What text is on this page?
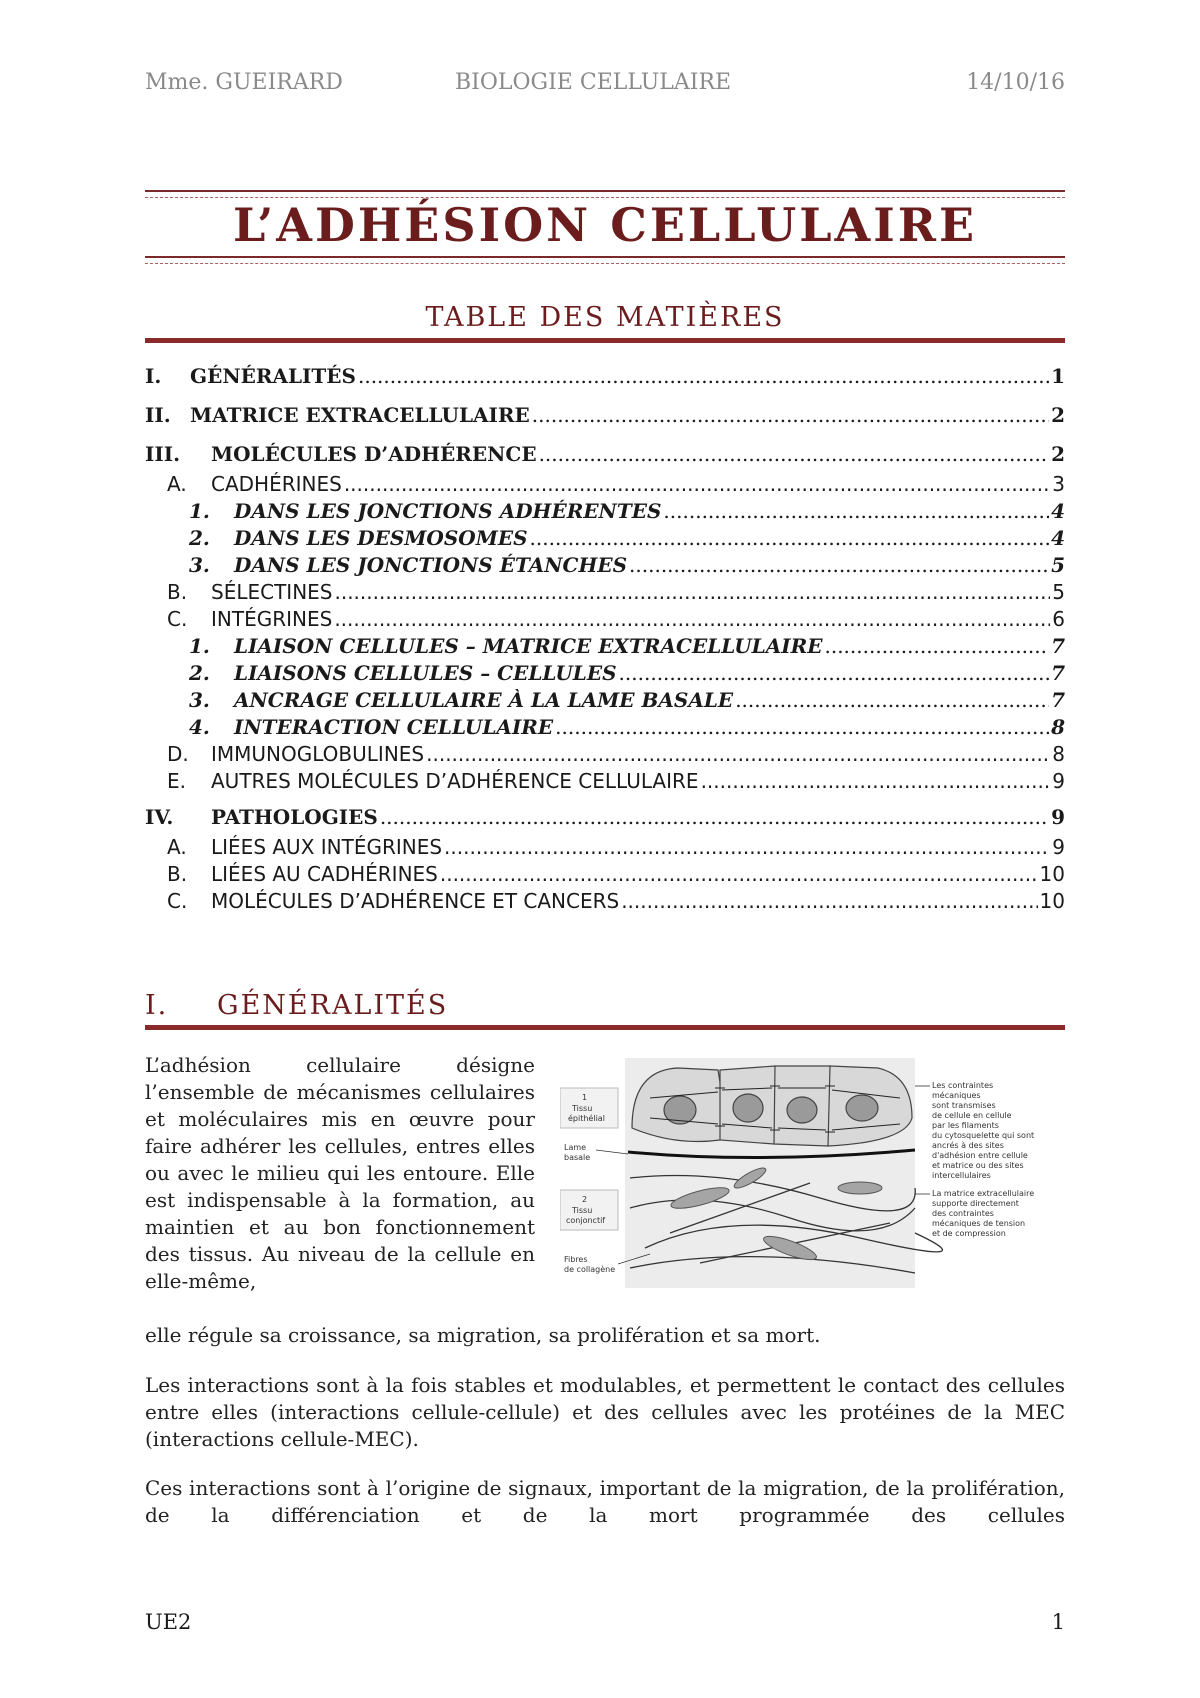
Mme. GUEIRARD	BIOLOGIE CELLULAIRE	14/10/16
L’ADHÉSION CELLULAIRE
TABLE DES MATIÈRES
I.	GÉNÉRALITÉS .....	1
II. MATRICE EXTRACELLULAIRE .....	2
III.	MOLÉCULES D’ADHÉRENCE .....	2
A.	CADHÉRINES .....	3
1.	DANS LES JONCTIONS ADHÉRENTES .....	4
2.	DANS LES DESMOSOMES .....	4
3.	DANS LES JONCTIONS ÉTANCHES .....	5
B.	SÉLECTINES .....	5
C.	INTÉGRINES .....	6
1.	LIAISON CELLULES – MATRICE EXTRACELLULAIRE .....	7
2.	LIAISONS CELLULES – CELLULES .....	7
3.	ANCRAGE CELLULAIRE À LA LAME BASALE .....	7
4.	INTERACTION CELLULAIRE .....	8
D.	IMMUNOGLOBULINES .....	8
E.	AUTRES MOLÉCULES D’ADHÉRENCE CELLULAIRE .....	9
IV.	PATHOLOGIES .....	9
A.	LIÉES AUX INTÉGRINES .....	9
B.	LIÉES AU CADHÉRINES .....	10
C.	MOLÉCULES D’ADHÉRENCE ET CANCERS .....	10
I. GÉNÉRALITÉS
L’adhésion cellulaire désigne l’ensemble de mécanismes cellulaires et moléculaires mis en œuvre pour faire adhérer les cellules, entres elles ou avec le milieu qui les entoure. Elle est indispensable à la formation, au maintien et au bon fonctionnement des tissus. Au niveau de la cellule en elle-même,
1
Tissu
épithélial
Lame
basale
2
Tissu
conjonctif
Fibres
de collagène
Les contraintes
mécaniques
sont transmises
de cellule en cellule
par les filaments
du cytosquelette qui sont
ancrés à des sites
d'adhésion entre cellule
et matrice ou des sites
intercellulaires
La matrice extracellulaire
supporte directement
des contraintes
mécaniques de tension
et de compression
elle régule sa croissance, sa migration, sa prolifération et sa mort.
Les interactions sont à la fois stables et modulables, et permettent le contact des cellules entre elles (interactions cellule-cellule) et des cellules avec les protéines de la MEC (interactions cellule-MEC).
Ces interactions sont à l’origine de signaux, important de la migration, de la prolifération, de la différenciation et de la mort programmée des cellules
UE2	1
